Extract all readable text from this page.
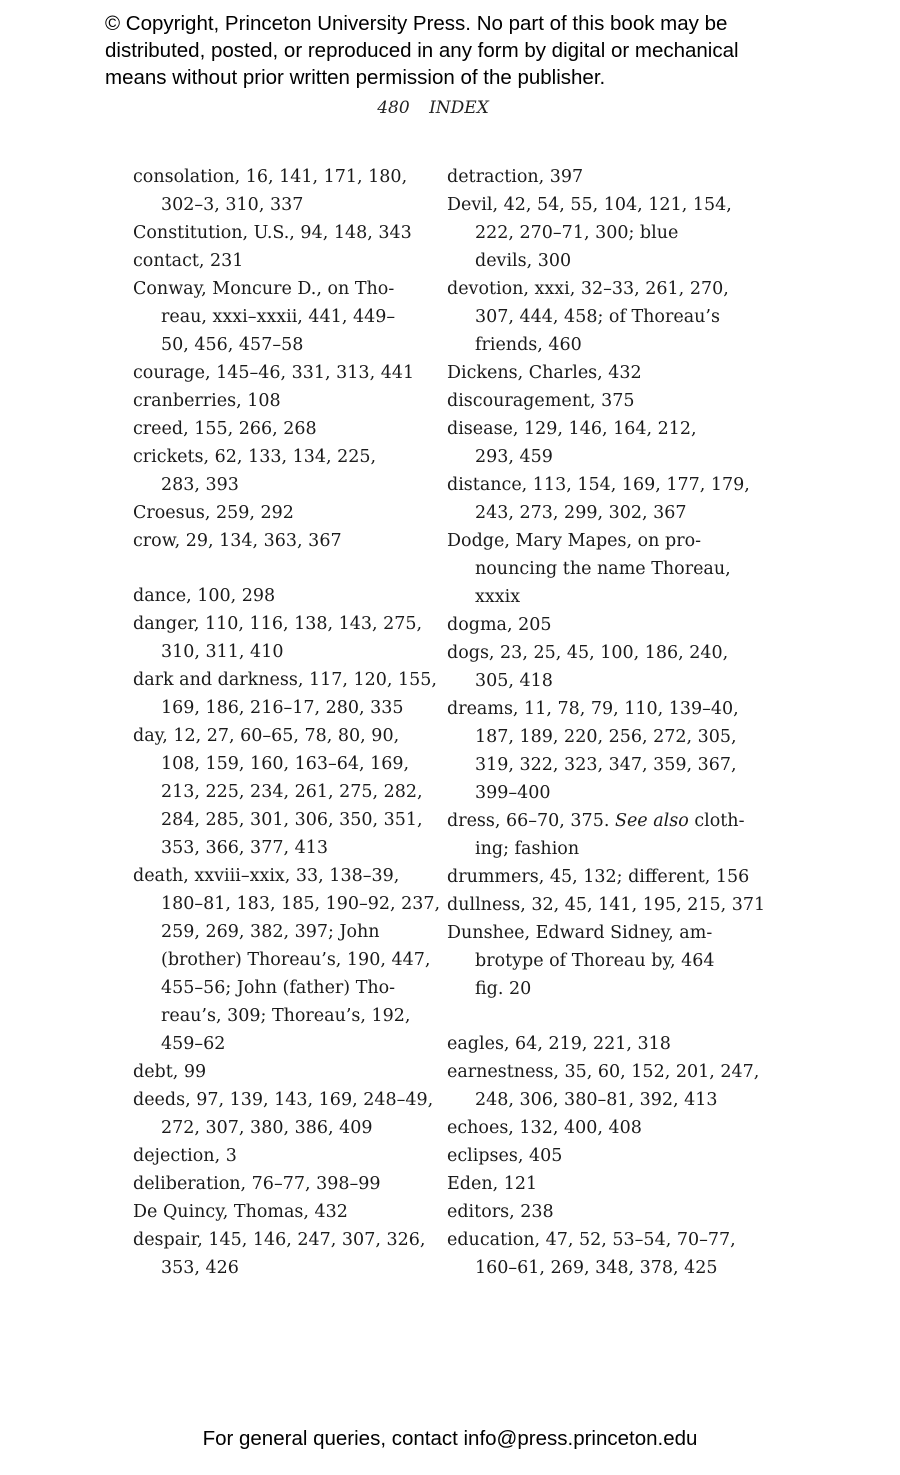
© Copyright, Princeton University Press. No part of this book may be
distributed, posted, or reproduced in any form by digital or mechanical
means without prior written permission of the publisher.
480 INDEX
consolation, 16, 141, 171, 180,
302–3, 310, 337
Constitution, U.S., 94, 148, 343
contact, 231
Conway, Moncure D., on Tho-
reau, xxxi–xxxii, 441, 449–
50, 456, 457–58
courage, 145–46, 331, 313, 441
cranberries, 108
creed, 155, 266, 268
crickets, 62, 133, 134, 225,
283, 393
Croesus, 259, 292
crow, 29, 134, 363, 367
dance, 100, 298
danger, 110, 116, 138, 143, 275,
310, 311, 410
dark and darkness, 117, 120, 155,
169, 186, 216–17, 280, 335
day, 12, 27, 60–65, 78, 80, 90,
108, 159, 160, 163–64, 169,
213, 225, 234, 261, 275, 282,
284, 285, 301, 306, 350, 351,
353, 366, 377, 413
death, xxviii–xxix, 33, 138–39,
180–81, 183, 185, 190–92, 237,
259, 269, 382, 397; John
(brother) Thoreau’s, 190, 447,
455–56; John (father) Tho-
reau’s, 309; Thoreau’s, 192,
459–62
debt, 99
deeds, 97, 139, 143, 169, 248–49,
272, 307, 380, 386, 409
dejection, 3
deliberation, 76–77, 398–99
De Quincy, Thomas, 432
despair, 145, 146, 247, 307, 326,
353, 426
detraction, 397
Devil, 42, 54, 55, 104, 121, 154,
222, 270–71, 300; blue
devils, 300
devotion, xxxi, 32–33, 261, 270,
307, 444, 458; of Thoreau’s
friends, 460
Dickens, Charles, 432
discouragement, 375
disease, 129, 146, 164, 212,
293, 459
distance, 113, 154, 169, 177, 179,
243, 273, 299, 302, 367
Dodge, Mary Mapes, on pro-
nouncing the name Thoreau,
xxxix
dogma, 205
dogs, 23, 25, 45, 100, 186, 240,
305, 418
dreams, 11, 78, 79, 110, 139–40,
187, 189, 220, 256, 272, 305,
319, 322, 323, 347, 359, 367,
399–400
dress, 66–70, 375. See also cloth-
ing; fashion
drummers, 45, 132; different, 156
dullness, 32, 45, 141, 195, 215, 371
Dunshee, Edward Sidney, am-
brotype of Thoreau by, 464
fig. 20
eagles, 64, 219, 221, 318
earnestness, 35, 60, 152, 201, 247,
248, 306, 380–81, 392, 413
echoes, 132, 400, 408
eclipses, 405
Eden, 121
editors, 238
education, 47, 52, 53–54, 70–77,
160–61, 269, 348, 378, 425
For general queries, contact info@press.princeton.edu
